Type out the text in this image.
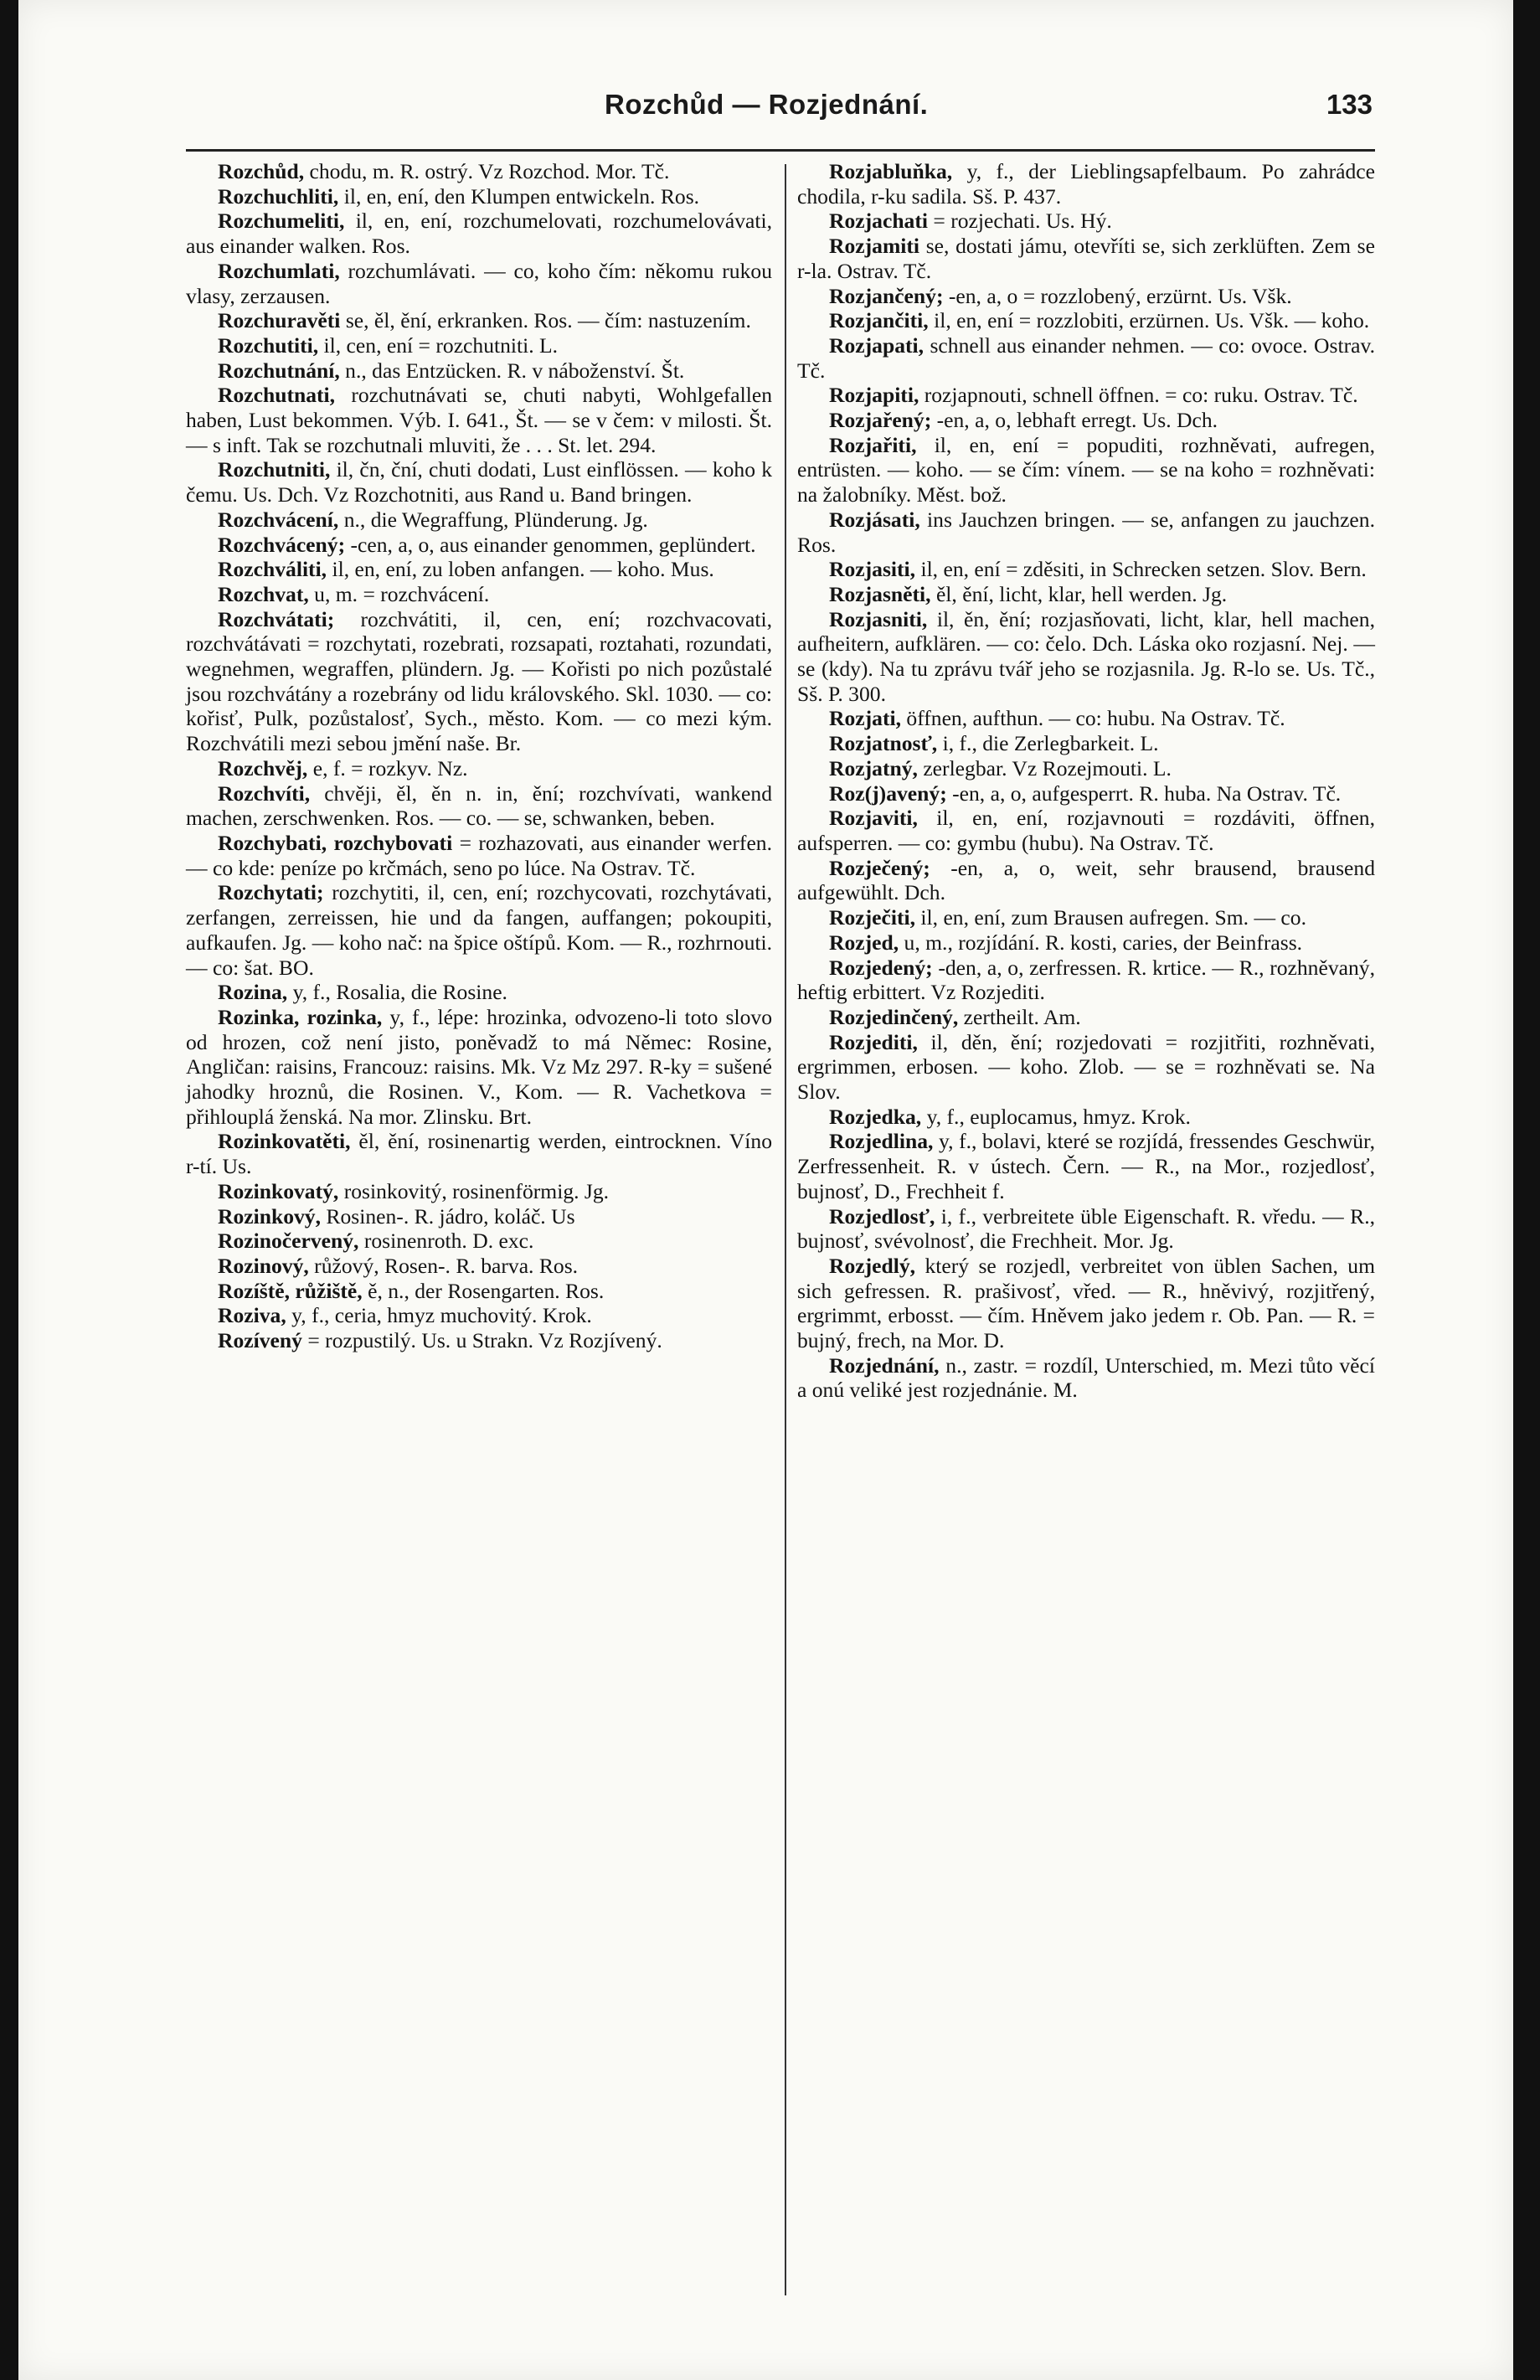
Rozchůd — Rozjednání.	133

Rozchůd, chodu, m. R. ostrý. Vz Rozchod. Mor. Tč.

Rozchuchliti, il, en, ení, den Klumpen entwickeln. Ros.

Rozchumeliti, il, en, ení, rozchumelovati, rozchumelovávati, aus einander walken. Ros.

Rozchumlati, rozchumlávati. — co, koho čím: někomu rukou vlasy, zerzausen.

Rozchuravěti se, ěl, ění, erkranken. Ros. — čím: nastuzením.

Rozchutiti, il, cen, ení = rozchutniti. L.

Rozchutnání, n., das Entzücken. R. v náboženství. Št.

Rozchutnati, rozchutnávati se, chuti nabyti, Wohlgefallen haben, Lust bekommen. Výb. I. 641., Št. — se v čem: v milosti. Št. — s inft. Tak se rozchutnali mluviti, že . . . St. let. 294.

Rozchutniti, il, čn, ční, chuti dodati, Lust einflössen. — koho k čemu. Us. Dch. Vz Rozchotniti, aus Rand u. Band bringen.

Rozchvácení, n., die Wegraffung, Plünderung. Jg.

Rozchvácený; -cen, a, o, aus einander genommen, geplündert.

Rozchváliti, il, en, ení, zu loben anfangen. — koho. Mus.

Rozchvat, u, m. = rozchvácení.

Rozchvátati; rozchvátiti, il, cen, ení; rozchvacovati, rozchvátávati = rozchytati, rozebrati, rozsapati, roztahati, rozundati, wegnehmen, wegraffen, plündern. Jg. — Kořisti po nich pozůstalé jsou rozchvátány a rozebrány od lidu královského. Skl. 1030. — co: kořisť, Pulk, pozůstalosť, Sych., město. Kom. — co mezi kým. Rozchvátili mezi sebou jmění naše. Br.

Rozchvěj, e, f. = rozkyv. Nz.

Rozchvíti, chvěji, ěl, ěn n. in, ění; rozchvívati, wankend machen, zerschwenken. Ros. — co. — se, schwanken, beben.

Rozchybati, rozchybovati = rozhazovati, aus einander werfen. — co kde: peníze po krčmách, seno po lúce. Na Ostrav. Tč.

Rozchytati; rozchytiti, il, cen, ení; rozchycovati, rozchytávati, zerfangen, zerreissen, hie und da fangen, auffangen; pokoupiti, aufkaufen. Jg. — koho nač: na špice oštípů. Kom. — R., rozhrnouti. — co: šat. BO.

Rozina, y, f., Rosalia, die Rosine.

Rozinka, rozinka, y, f., lépe: hrozinka, odvozeno-li toto slovo od hrozen, což není jisto, poněvadž to má Němec: Rosine, Angličan: raisins, Francouz: raisins. Mk. Vz Mz 297. R-ky = sušené jahodky hroznů, die Rosinen. V., Kom. — R. Vachetkova = přihlouplá ženská. Na mor. Zlinsku. Brt.

Rozinkovatěti, ěl, ění, rosinenartig werden, eintrocknen. Víno r-tí. Us.

Rozinkovatý, rosinkovitý, rosinenförmig. Jg.

Rozinkový, Rosinen-. R. jádro, koláč. Us

Rozinočervený, rosinenroth. D. exc.

Rozinový, růžový, Rosen-. R. barva. Ros.

Rozíště, růžiště, ě, n., der Rosengarten. Ros.

Roziva, y, f., ceria, hmyz muchovitý. Krok.

Rozívený = rozpustilý. Us. u Strakn. Vz Rozjívený.

Rozjabluňka, y, f., der Lieblingsapfelbaum. Po zahrádce chodila, r-ku sadila. Sš. P. 437.

Rozjachati = rozjechati. Us. Hý.

Rozjamiti se, dostati jámu, otevříti se, sich zerklüften. Zem se r-la. Ostrav. Tč.

Rozjančený; -en, a, o = rozzlobený, erzürnt. Us. Všk.

Rozjančiti, il, en, ení = rozzlobiti, erzürnen. Us. Všk. — koho.

Rozjapati, schnell aus einander nehmen. — co: ovoce. Ostrav. Tč.

Rozjapiti, rozjapnouti, schnell öffnen. = co: ruku. Ostrav. Tč.

Rozjařený; -en, a, o, lebhaft erregt. Us. Dch.

Rozjařiti, il, en, ení = popuditi, rozhněvati, aufregen, entrüsten. — koho. — se čím: vínem. — se na koho = rozhněvati: na žalobníky. Měst. bož.

Rozjásati, ins Jauchzen bringen. — se, anfangen zu jauchzen. Ros.

Rozjasiti, il, en, ení = zděsiti, in Schrecken setzen. Slov. Bern.

Rozjasněti, ěl, ění, licht, klar, hell werden. Jg.

Rozjasniti, il, ěn, ění; rozjasňovati, licht, klar, hell machen, aufheitern, aufklären. — co: čelo. Dch. Láska oko rozjasní. Nej. — se (kdy). Na tu zprávu tvář jeho se rozjasnila. Jg. R-lo se. Us. Tč., Sš. P. 300.

Rozjati, öffnen, aufthun. — co: hubu. Na Ostrav. Tč.

Rozjatnosť, i, f., die Zerlegbarkeit. L.

Rozjatný, zerlegbar. Vz Rozejmouti. L.

Roz(j)avený; -en, a, o, aufgesperrt. R. huba. Na Ostrav. Tč.

Rozjaviti, il, en, ení, rozjavnouti = rozdáviti, öffnen, aufsperren. — co: gymbu (hubu). Na Ostrav. Tč.

Rozječený; -en, a, o, weit, sehr brausend, brausend aufgewühlt. Dch.

Rozječiti, il, en, ení, zum Brausen aufregen. Sm. — co.

Rozjed, u, m., rozjídání. R. kosti, caries, der Beinfrass.

Rozjedený; -den, a, o, zerfressen. R. krtice. — R., rozhněvaný, heftig erbittert. Vz Rozjediti.

Rozjedinčený, zertheilt. Am.

Rozjediti, il, děn, ění; rozjedovati = rozjitřiti, rozhněvati, ergrimmen, erbosen. — koho. Zlob. — se = rozhněvati se. Na Slov.

Rozjedka, y, f., euplocamus, hmyz. Krok.

Rozjedlina, y, f., bolavi, které se rozjídá, fressendes Geschwür, Zerfressenheit. R. v ústech. Čern. — R., na Mor., rozjedlosť, bujnosť, D., Frechheit f.

Rozjedlosť, i, f., verbreitete üble Eigenschaft. R. vředu. — R., bujnosť, svévolnosť, die Frechheit. Mor. Jg.

Rozjedlý, který se rozjedl, verbreitet von üblen Sachen, um sich gefressen. R. prašivosť, vřed. — R., hněvivý, rozjitřený, ergrimmt, erbosst. — čím. Hněvem jako jedem r. Ob. Pan. — R. = bujný, frech, na Mor. D.

Rozjednání, n., zastr. = rozdíl, Unterschied, m. Mezi tůto věcí a onú veliké jest rozjednánie. M.
